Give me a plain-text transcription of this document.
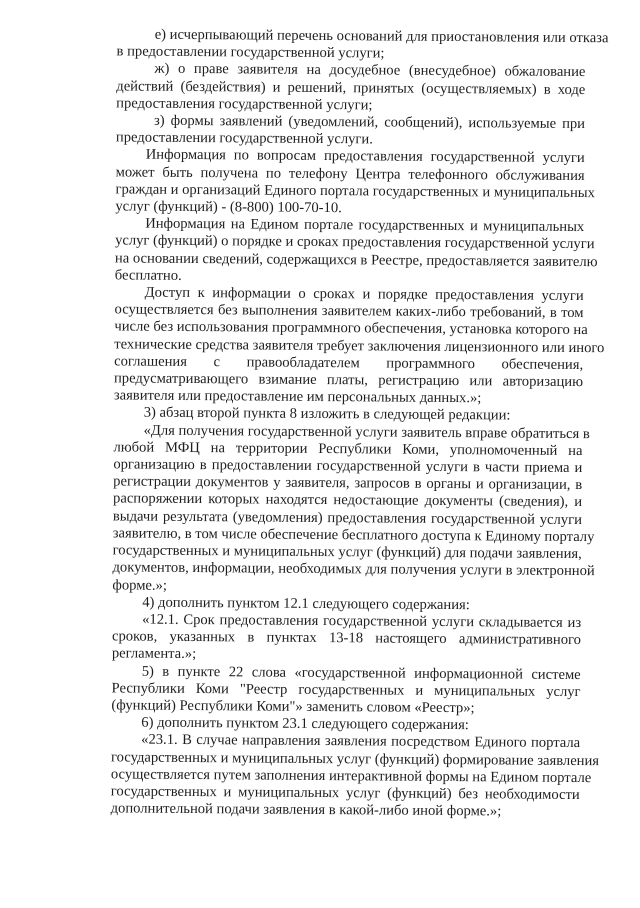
е) исчерпывающий перечень оснований для приостановления или отказа

в предоставлении государственной услуги;

ж) о праве заявителя на досудебное (внесудебное) обжалование

действий (бездействия) и решений, принятых (осуществляемых) в ходе

предоставления государственной услуги;

з) формы заявлений (уведомлений, сообщений), используемые при

предоставлении государственной услуги.

Информация по вопросам предоставления государственной услуги

может быть получена по телефону Центра телефонного обслуживания

граждан и организаций Единого портала государственных и муниципальных

услуг (функций) - (8-800) 100-70-10.

Информация на Едином портале государственных и муниципальных

услуг (функций) о порядке и сроках предоставления государственной услуги

на основании сведений, содержащихся в Реестре, предоставляется заявителю

бесплатно.

Доступ к информации о сроках и порядке предоставления услуги

осуществляется без выполнения заявителем каких-либо требований, в том

числе без использования программного обеспечения, установка которого на

технические средства заявителя требует заключения лицензионного или иного

соглашения с правообладателем программного обеспечения,

предусматривающего взимание платы, регистрацию или авторизацию

заявителя или предоставление им персональных данных.»;

3) абзац второй пункта 8 изложить в следующей редакции:

«Для получения государственной услуги заявитель вправе обратиться в

любой МФЦ на территории Республики Коми, уполномоченный на

организацию в предоставлении государственной услуги в части приема и

регистрации документов у заявителя, запросов в органы и организации, в

распоряжении которых находятся недостающие документы (сведения), и

выдачи результата (уведомления) предоставления государственной услуги

заявителю, в том числе обеспечение бесплатного доступа к Единому порталу

государственных и муниципальных услуг (функций) для подачи заявления,

документов, информации, необходимых для получения услуги в электронной

форме.»;

4) дополнить пунктом 12.1 следующего содержания:

«12.1. Срок предоставления государственной услуги складывается из

сроков, указанных в пунктах 13-18 настоящего административного

регламента.»;

5) в пункте 22 слова «государственной информационной системе

Республики Коми "Реестр государственных и муниципальных услуг

(функций) Республики Коми"» заменить словом «Реестр»;

6) дополнить пунктом 23.1 следующего содержания:

«23.1. В случае направления заявления посредством Единого портала

государственных и муниципальных услуг (функций) формирование заявления

осуществляется путем заполнения интерактивной формы на Едином портале

государственных и муниципальных услуг (функций) без необходимости

дополнительной подачи заявления в какой-либо иной форме.»;
